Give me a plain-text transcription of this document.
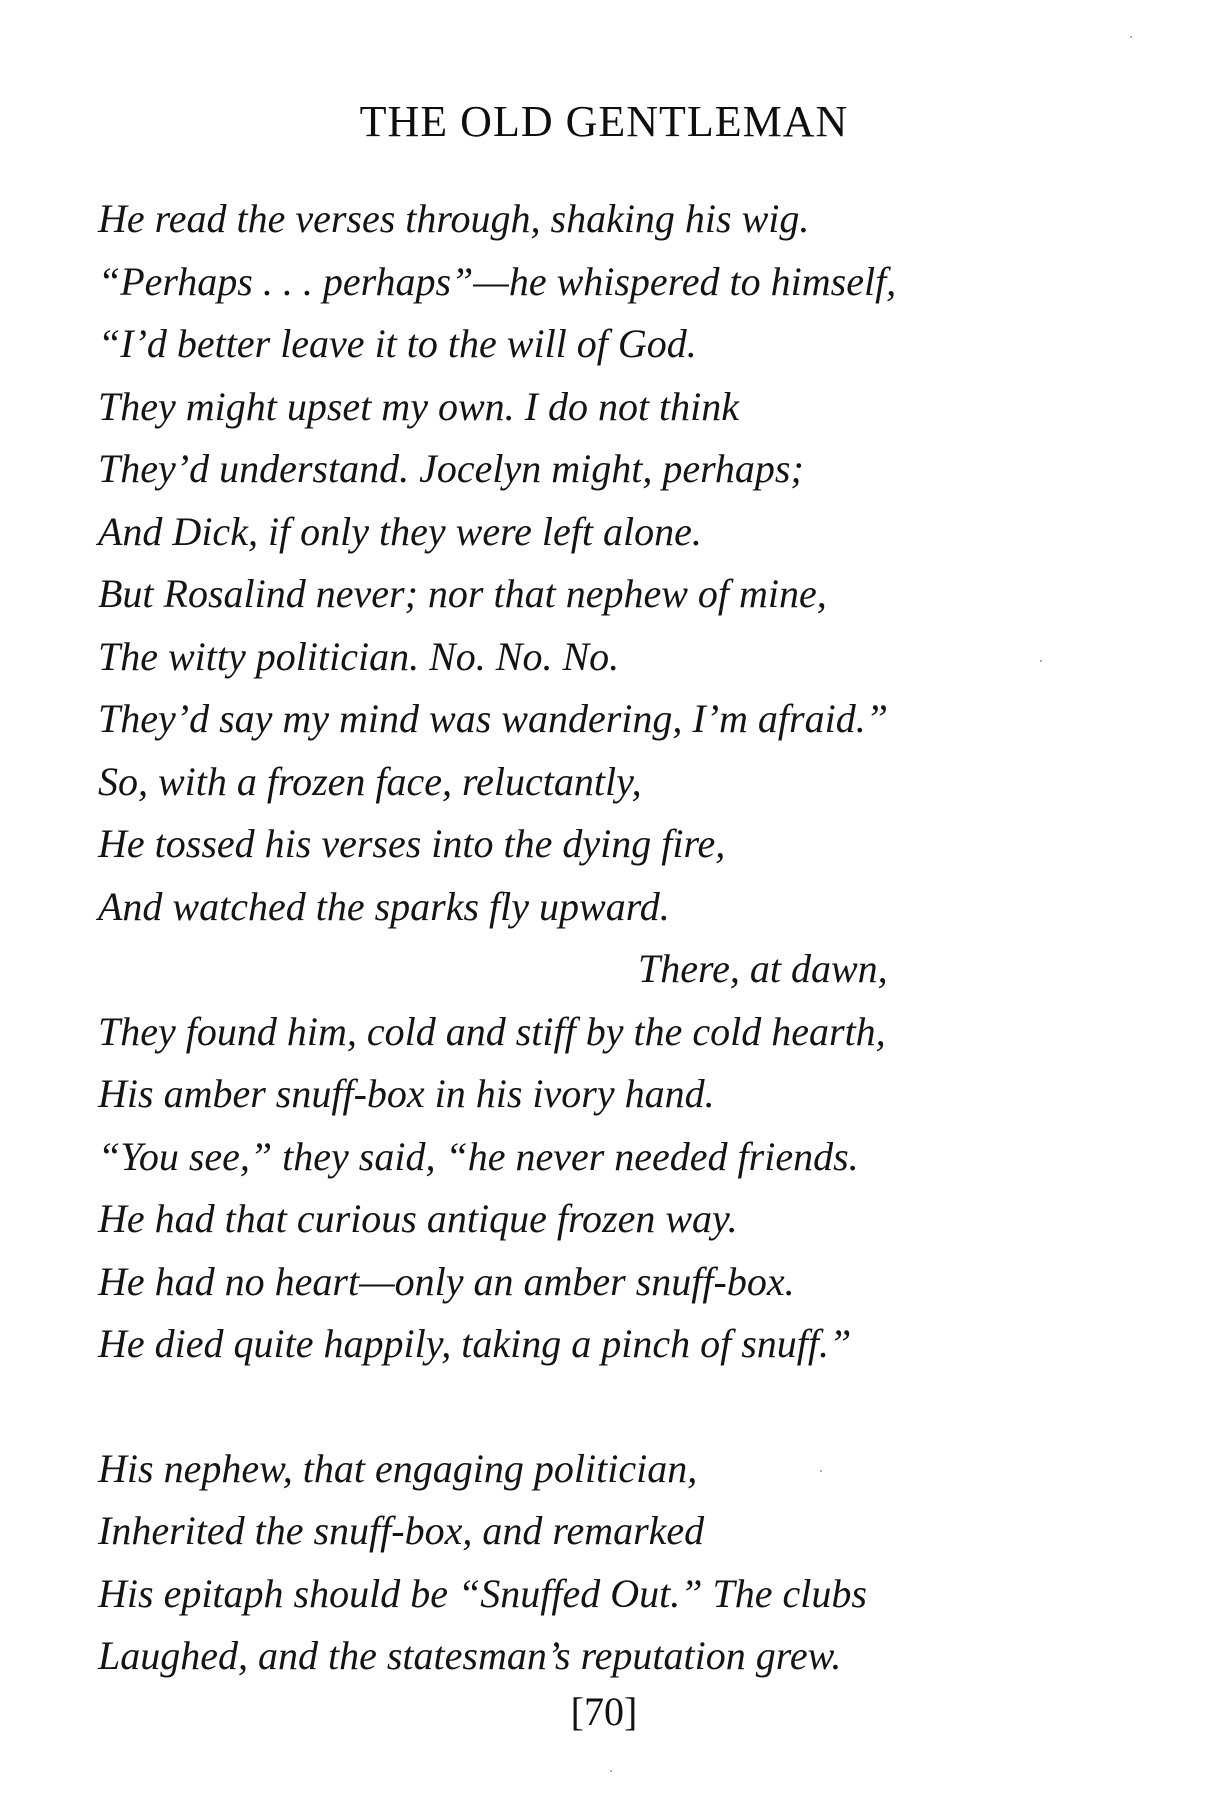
THE OLD GENTLEMAN

He read the verses through, shaking his wig.

“Perhaps . . . perhaps”—he whispered to himself,

“I’d better leave it to the will of God.

They might upset my own. I do not think

They’d understand. Jocelyn might, perhaps;

And Dick, if only they were left alone.

But Rosalind never; nor that nephew of mine,

The witty politician. No. No. No.

They’d say my mind was wandering, I’m afraid.”

So, with a frozen face, reluctantly,

He tossed his verses into the dying fire,

And watched the sparks fly upward.

There, at dawn,

They found him, cold and stiff by the cold hearth,

His amber snuff-box in his ivory hand.

“You see,” they said, “he never needed friends.

He had that curious antique frozen way.

He had no heart—only an amber snuff-box.

He died quite happily, taking a pinch of snuff.”

His nephew, that engaging politician,

Inherited the snuff-box, and remarked

His epitaph should be “Snuffed Out.” The clubs

Laughed, and the statesman’s reputation grew.

[70]
